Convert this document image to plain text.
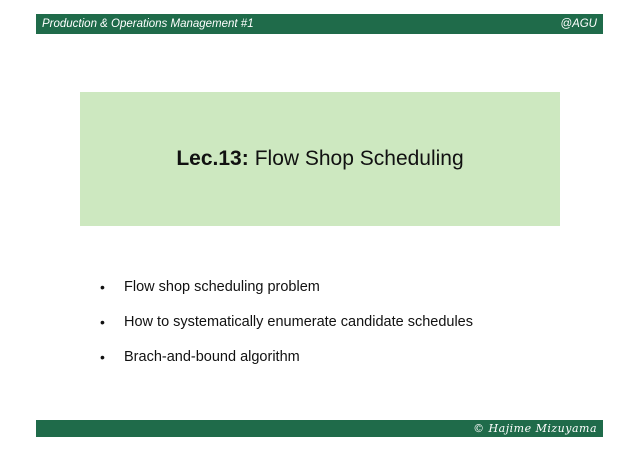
Production & Operations Management #1	@AGU
Lec.13: Flow Shop Scheduling
•	Flow shop scheduling problem
•	How to systematically enumerate candidate schedules
•	Brach-and-bound algorithm
© Hajime Mizuyama
